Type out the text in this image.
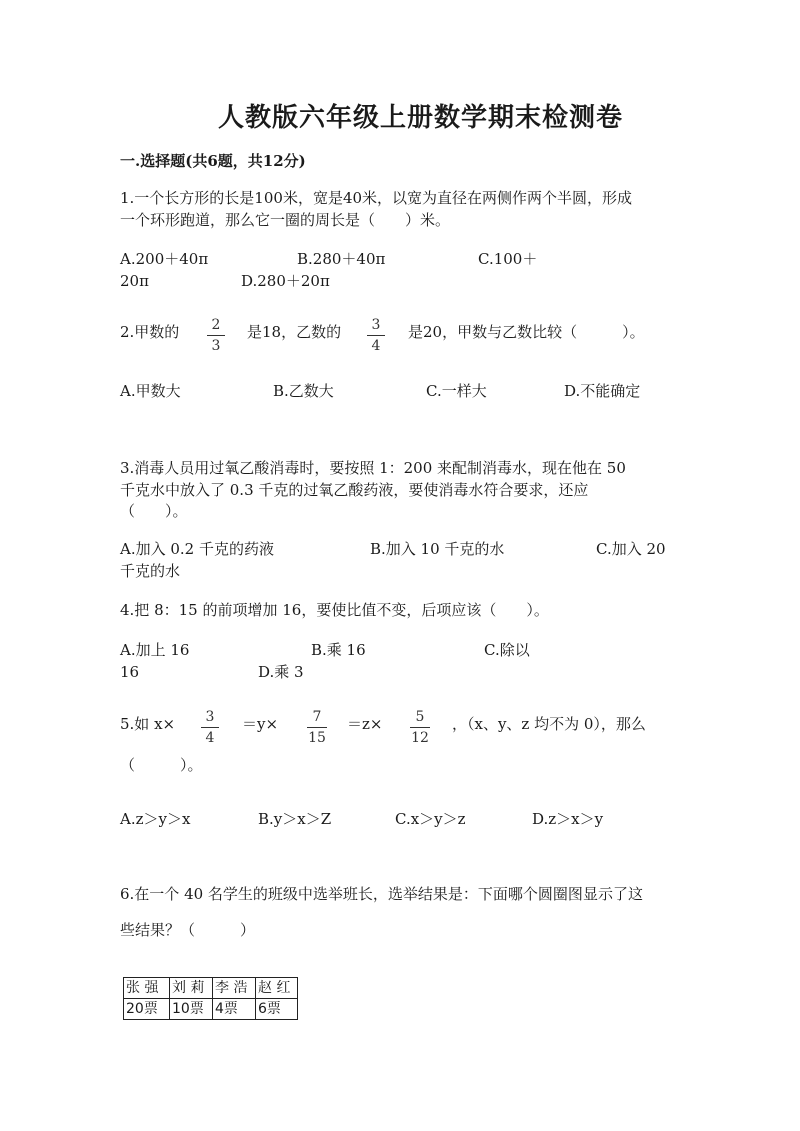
人教版六年级上册数学期末检测卷
一.选择题(共6题，共12分)
1.一个长方形的长是100米，宽是40米，以宽为直径在两侧作两个半圆，形成
一个环形跑道，那么它一圈的周长是（　　）米。
A.200＋40π	B.280＋40π	C.100＋
20π	D.280＋20π
2.甲数的	2
3
是18，乙数的	3
4
是20，甲数与乙数比较（　　　）。
A.甲数大	B.乙数大	C.一样大	D.不能确定
3.消毒人员用过氧乙酸消毒时，要按照 1：200 来配制消毒水，现在他在 50
千克水中放入了 0.3 千克的过氧乙酸药液，要使消毒水符合要求，还应
（　　）。
A.加入 0.2 千克的药液	B.加入 10 千克的水	C.加入 20
千克的水
4.把 8：15 的前项增加 16，要使比值不变，后项应该（　　）。
A.加上 16	B.乘 16	C.除以
16	D.乘 3
5.如 x×	3
4
＝y×	7
15
＝z×	5
12
，（x、y、z 均不为 0），那么
（　　　）。
A.z＞y＞x	B.y＞x＞Z	C.x＞y＞z	D.z＞x＞y
6.在一个 40 名学生的班级中选举班长，选举结果是：下面哪个圆圈图显示了这
些结果？（　　　）
张 强	刘 莉	李 浩	赵 红
20票	10票	4票	6票
